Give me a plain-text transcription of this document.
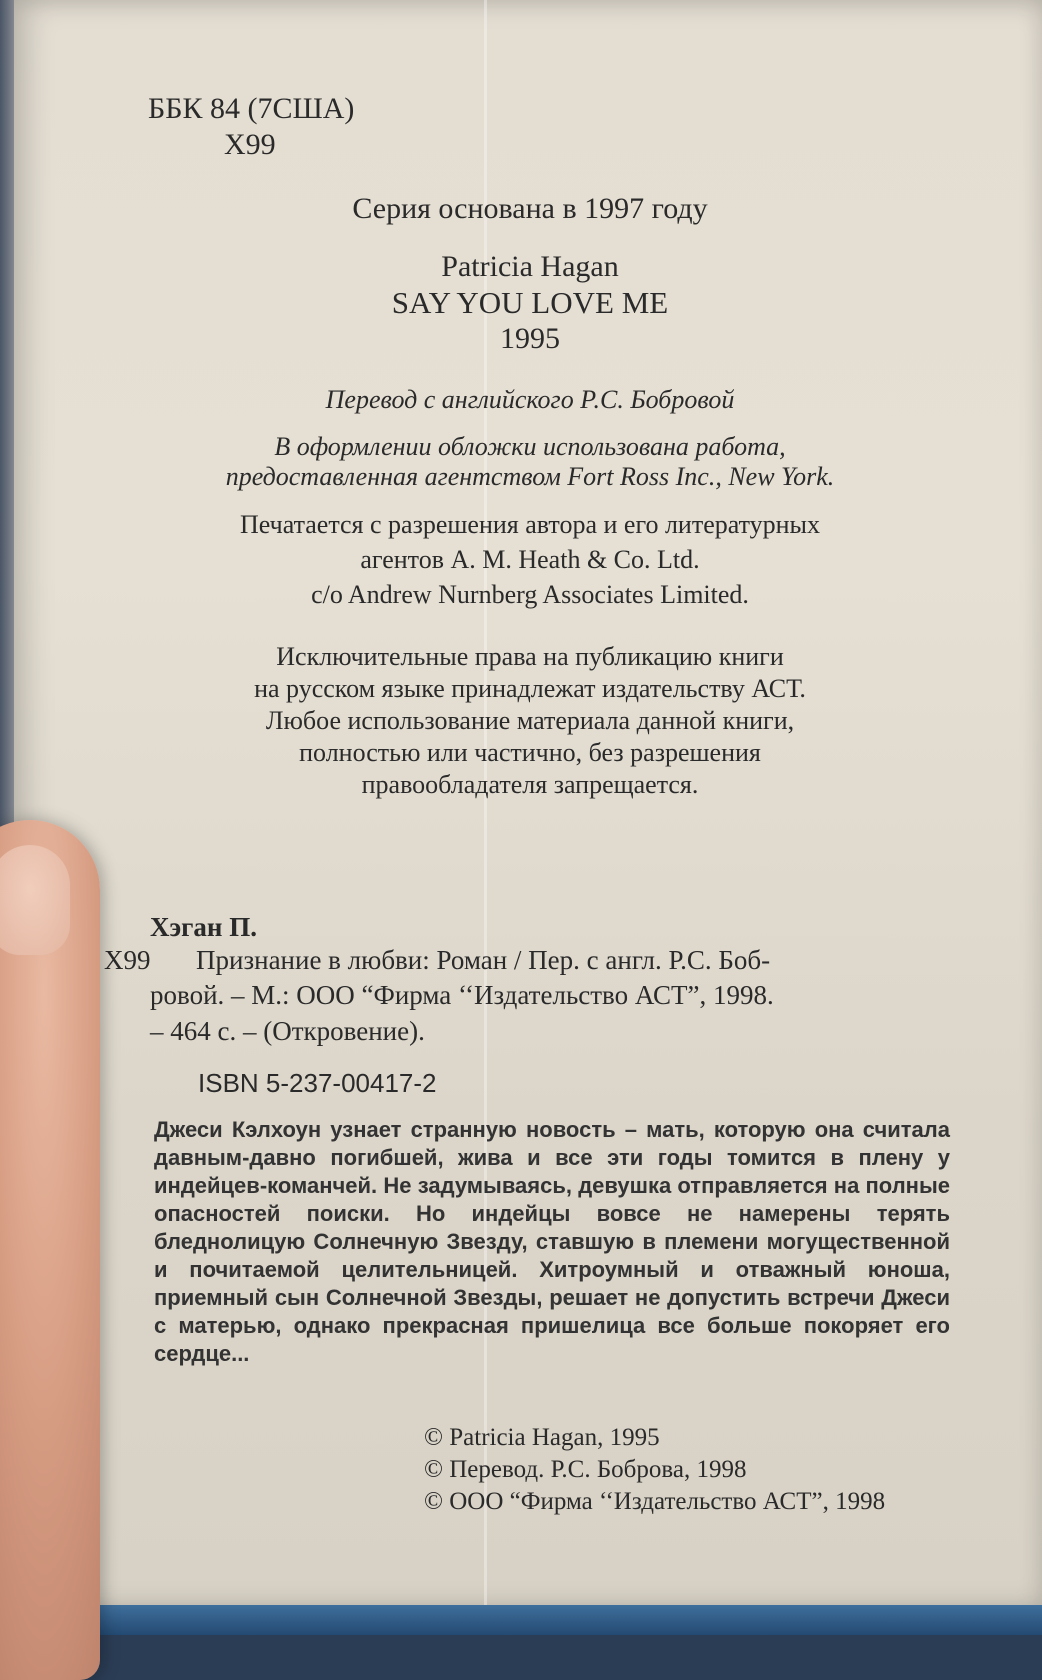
ББК 84 (7США)
Х99
Серия основана в 1997 году
Patricia Hagan
SAY YOU LOVE ME
1995
Перевод с английского Р.С. Бобровой
В оформлении обложки использована работа,
предоставленная агентством Fort Ross Inc., New York.
Печатается с разрешения автора и его литературных
агентов A. M. Heath & Co. Ltd.
c/o Andrew Nurnberg Associates Limited.
Исключительные права на публикацию книги
на русском языке принадлежат издательству АСТ.
Любое использование материала данной книги,
полностью или частично, без разрешения
правообладателя запрещается.
Хэган П.
Х99 Признание в любви: Роман / Пер. с англ. Р.С. Боб-
ровой. – М.: ООО “Фирма ‘‘Издательство АСТ”, 1998.
– 464 с. – (Откровение).
ISBN 5-237-00417-2
Джеси Кэлхоун узнает странную новость – мать, которую она считала давным-давно погибшей, жива и все эти годы томится в плену у индейцев-команчей. Не задумываясь, девушка отправляется на полные опасностей поиски. Но индейцы вовсе не намерены терять бледнолицую Солнечную Звезду, ставшую в племени могущественной и почитаемой целительницей. Хитроумный и отважный юноша, приемный сын Солнечной Звезды, решает не допустить встречи Джеси с матерью, однако прекрасная пришелица все больше покоряет его сердце...
© Patricia Hagan, 1995
© Перевод. Р.С. Боброва, 1998
© ООО “Фирма ‘‘Издательство АСТ”, 1998
